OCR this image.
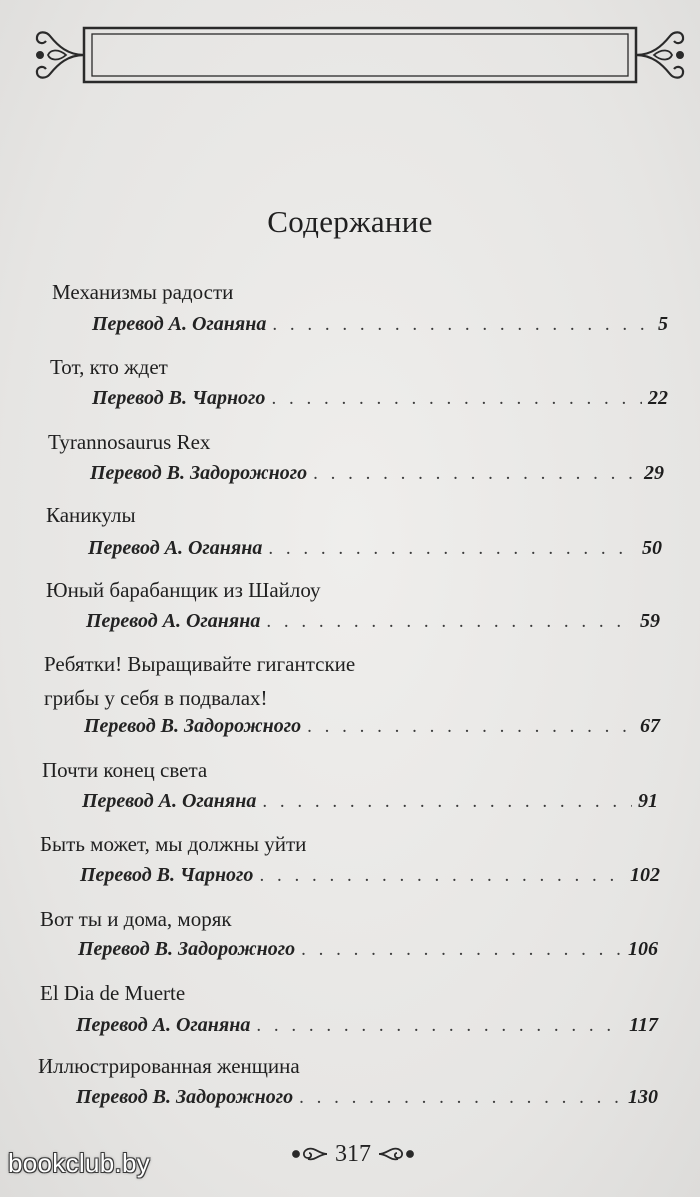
Содержание
Механизмы радости
Перевод А. Оганяна . . .	5
Тот, кто ждет
Перевод В. Чарного . . .	22
Tyrannosaurus Rex
Перевод В. Задорожного . . .	29
Каникулы
Перевод А. Оганяна . . .	50
Юный барабанщик из Шайлоу
Перевод А. Оганяна . . .	59
Ребятки! Выращивайте гигантские
грибы у себя в подвалах!
Перевод В. Задорожного . . .	67
Почти конец света
Перевод А. Оганяна . . .	91
Быть может, мы должны уйти
Перевод В. Чарного . . .	102
Вот ты и дома, моряк
Перевод В. Задорожного . . .	106
El Dia de Muerte
Перевод А. Оганяна . . .	117
Иллюстрированная женщина
Перевод В. Задорожного . . .	130
317
bookclub.by
